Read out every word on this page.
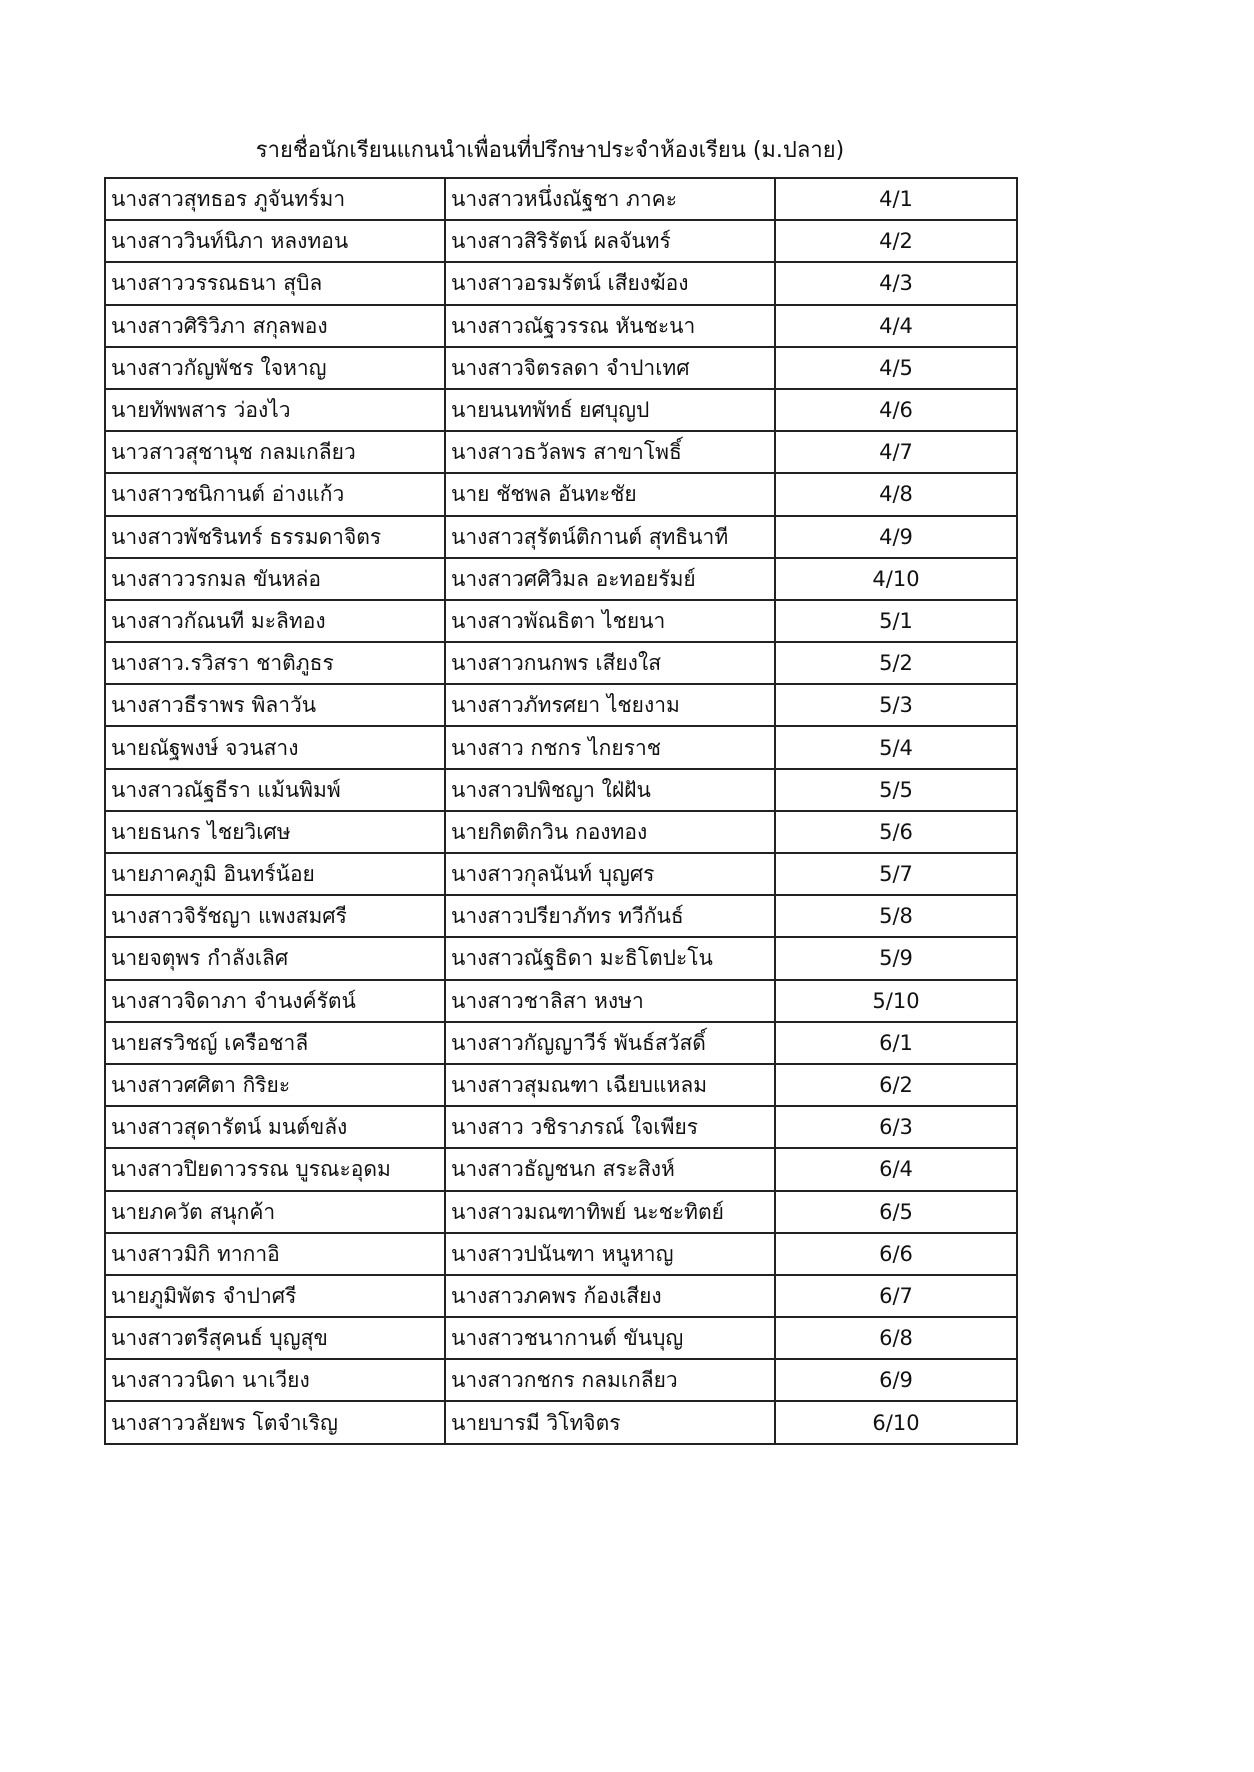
รายชื่อนักเรียนแกนนำเพื่อนที่ปรึกษาประจำห้องเรียน (ม.ปลาย)
นางสาวสุทธอร ภูจันทร์มา	นางสาวหนึ่งณัฐชา ภาคะ	4/1
นางสาววินท์นิภา หลงทอน	นางสาวสิริรัตน์ ผลจันทร์	4/2
นางสาววรรณธนา สุบิล	นางสาวอรมรัตน์ เสียงฆ้อง	4/3
นางสาวศิริวิภา สกุลพอง	นางสาวณัฐวรรณ หันชะนา	4/4
นางสาวกัญพัชร ใจหาญ	นางสาวจิตรลดา จำปาเทศ	4/5
นายทัพพสาร ว่องไว	นายนนทพัทธ์ ยศบุญป	4/6
นาวสาวสุชานุช กลมเกลียว	นางสาวธวัลพร สาขาโพธิ์	4/7
นางสาวชนิกานต์ อ่างแก้ว	นาย ชัชพล อันทะชัย	4/8
นางสาวพัชรินทร์ ธรรมดาจิตร	นางสาวสุรัตน์ติกานต์ สุทธินาที	4/9
นางสาววรกมล ขันหล่อ	นางสาวศศิวิมล อะทอยรัมย์	4/10
นางสาวกัณนที มะลิทอง	นางสาวพัณธิตา ไชยนา	5/1
นางสาว.รวิสรา ชาติภูธร	นางสาวกนกพร เสียงใส	5/2
นางสาวธีราพร พิลาวัน	นางสาวภัทรศยา ไชยงาม	5/3
นายณัฐพงษ์ จวนสาง	นางสาว กชกร ไกยราช	5/4
นางสาวณัฐธีรา แม้นพิมพ์	นางสาวปพิชญา ใฝ่ฝัน	5/5
นายธนกร ไชยวิเศษ	นายกิตติกวิน กองทอง	5/6
นายภาคภูมิ อินทร์น้อย	นางสาวกุลนันท์ บุญศร	5/7
นางสาวจิรัชญา แพงสมศรี	นางสาวปรียาภัทร ทวีกันธ์	5/8
นายจตุพร กำลังเลิศ	นางสาวณัฐธิดา มะธิโตปะโน	5/9
นางสาวจิดาภา จำนงค์รัตน์	นางสาวชาลิสา หงษา	5/10
นายสรวิชญ์ เครือชาลี	นางสาวกัญญาวีร์ พันธ์สวัสดิ์	6/1
นางสาวศศิตา กิริยะ	นางสาวสุมณฑา เฉียบแหลม	6/2
นางสาวสุดารัตน์ มนต์ขลัง	นางสาว วชิราภรณ์ ใจเพียร	6/3
นางสาวปิยดาวรรณ บูรณะอุดม	นางสาวธัญชนก สระสิงห์	6/4
นายภควัต สนุกค้า	นางสาวมณฑาทิพย์ นะชะทิตย์	6/5
นางสาวมิกิ ทากาอิ	นางสาวปนันฑา หนูหาญ	6/6
นายภูมิพัตร จำปาศรี	นางสาวภคพร ก้องเสียง	6/7
นางสาวตรีสุคนธ์ บุญสุข	นางสาวชนากานต์ ขันบุญ	6/8
นางสาววนิดา นาเวียง	นางสาวกชกร กลมเกลียว	6/9
นางสาววลัยพร โตจำเริญ	นายบารมี วิโทจิตร	6/10
